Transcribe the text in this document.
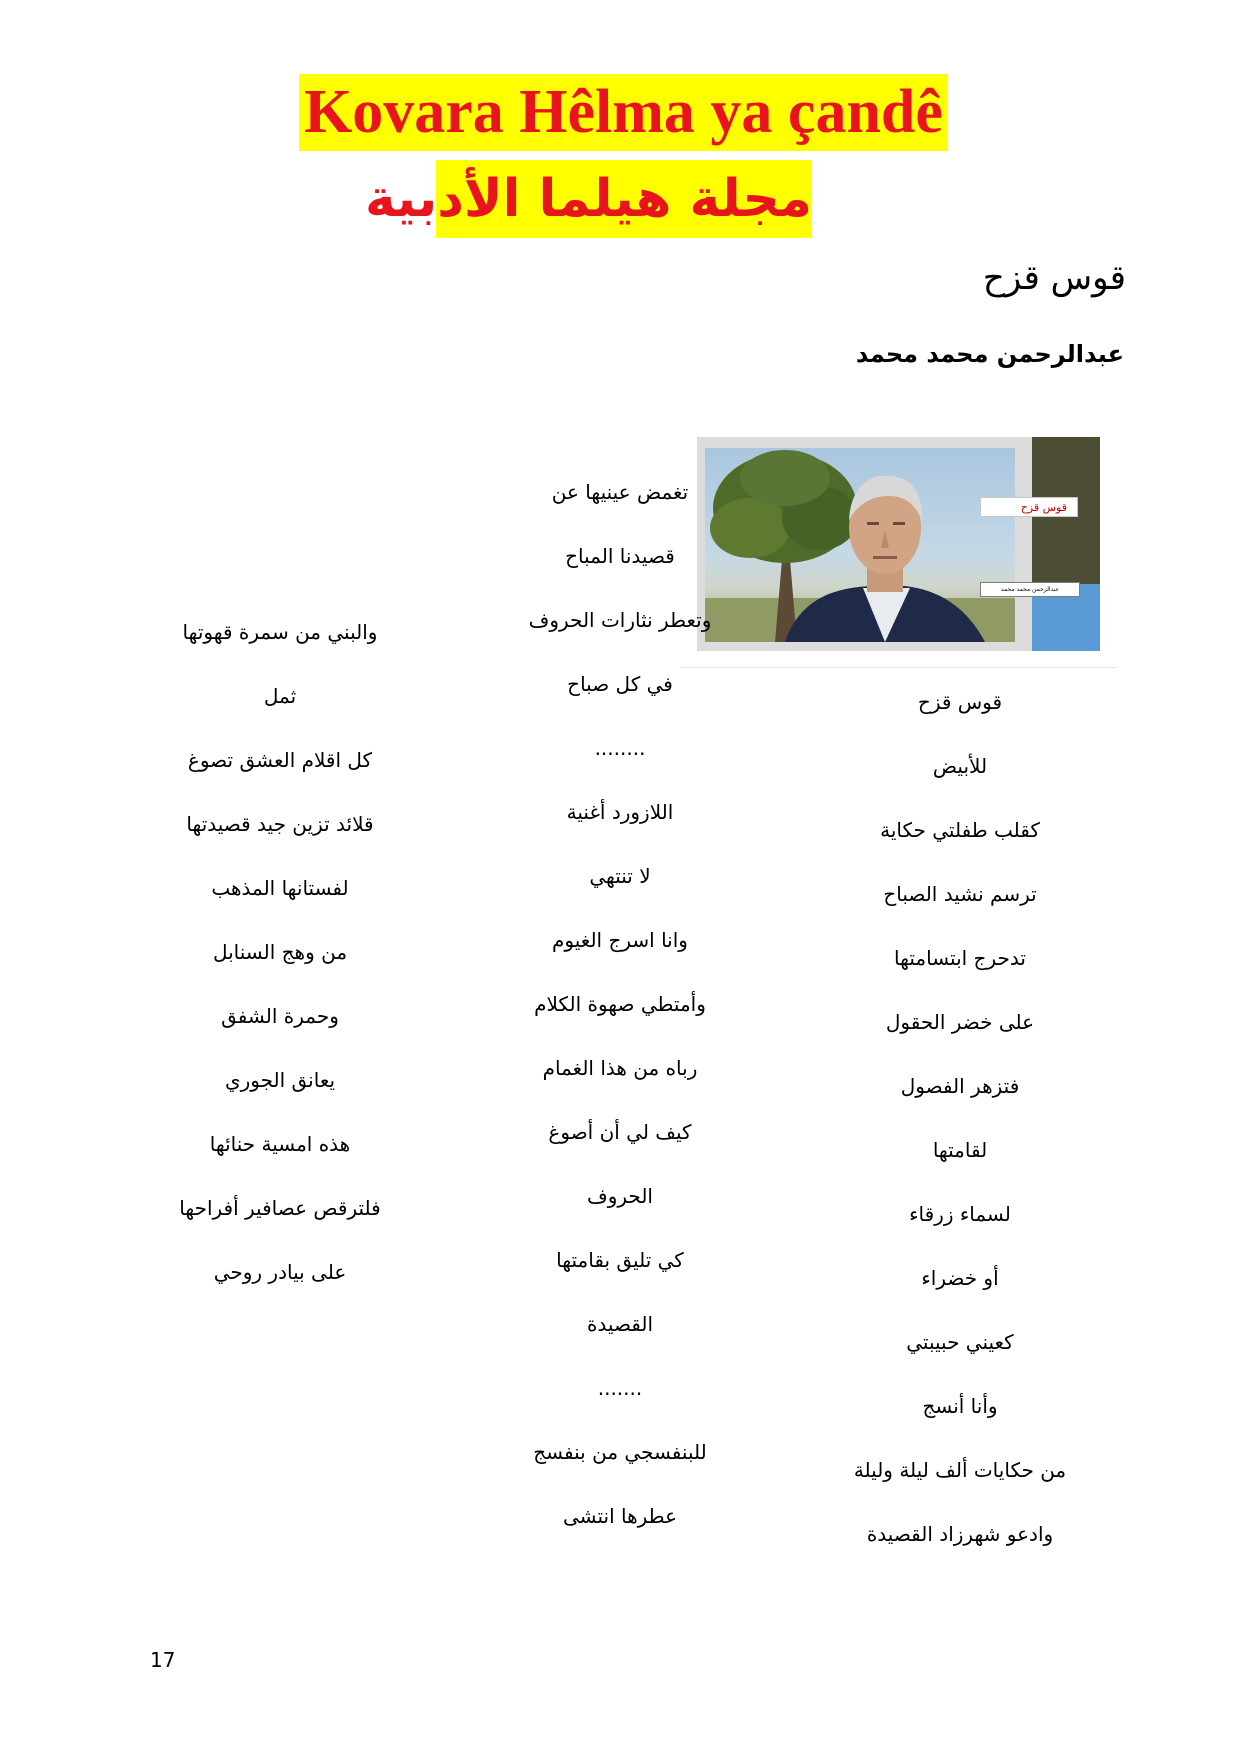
Kovara Hêlma ya çandê
مجلة هيلما الأدبية
قوس قزح
عبدالرحمن محمد محمد
قوس قزح
عبدالرحمن محمد محمد
قوس قزح
للأبيض
كقلب طفلتي حكاية
ترسم نشيد الصباح
تدحرج ابتسامتها
على خضر الحقول
فتزهر الفصول
لقامتها
لسماء زرقاء
أو خضراء
كعيني حبيبتي
وأنا أنسج
من حكايات ألف ليلة وليلة
وادعو شهرزاد القصيدة
تغمض عينيها عن
قصيدنا المباح
وتعطر نثارات الحروف
في كل صباح
........
اللازورد أغنية
لا تنتهي
وانا اسرج الغيوم
وأمتطي صهوة الكلام
رباه من هذا الغمام
كيف لي أن أصوغ
الحروف
كي تليق بقامتها
القصيدة
.......
للبنفسجي من بنفسج
عطرها انتشى
والبني من سمرة قهوتها
ثمل
كل اقلام العشق تصوغ
قلائد تزين جيد قصيدتها
لفستانها المذهب
من وهج السنابل
وحمرة الشفق
يعانق الجوري
هذه امسية حنائها
فلترقص عصافير أفراحها
على بيادر روحي
17
